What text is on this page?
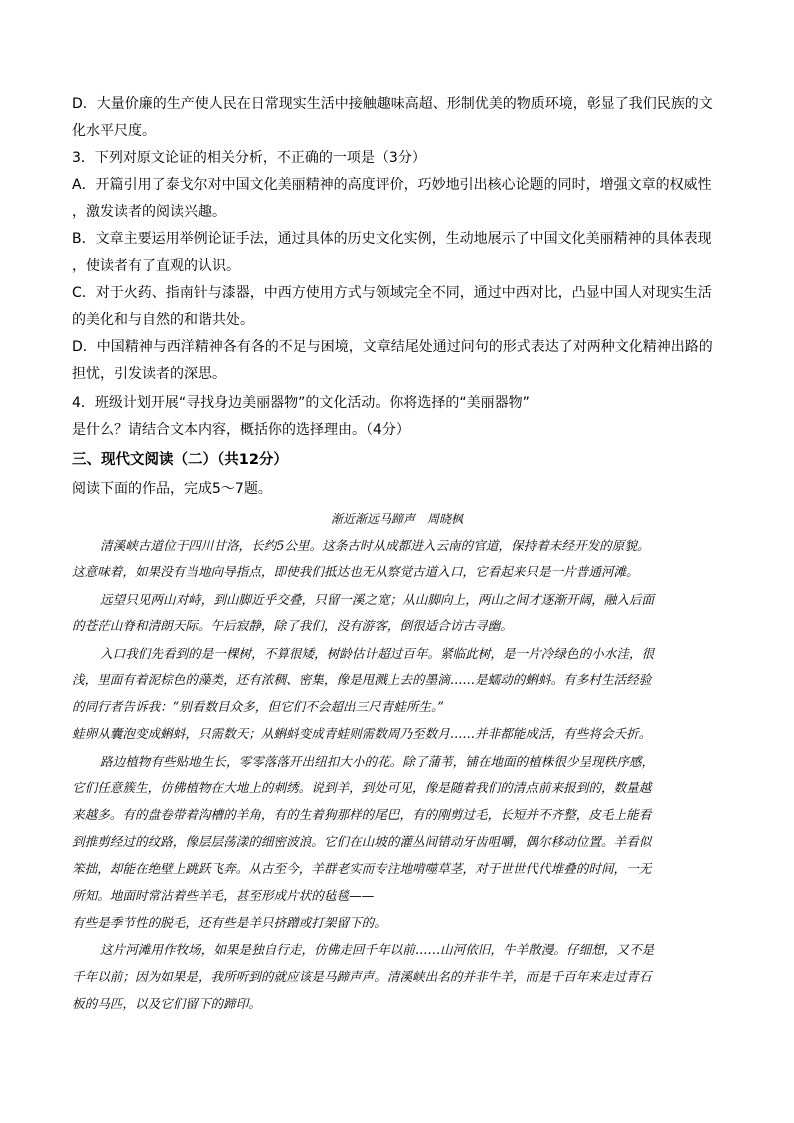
D．大量价廉的生产使人民在日常现实生活中接触趣味高超、形制优美的物质环境，彰显了我们民族的文
化水平尺度。
3．下列对原文论证的相关分析，不正确的一项是（3分）
A．开篇引用了泰戈尔对中国文化美丽精神的高度评价，巧妙地引出核心论题的同时，增强文章的权威性
，激发读者的阅读兴趣。
B．文章主要运用举例论证手法，通过具体的历史文化实例，生动地展示了中国文化美丽精神的具体表现
，使读者有了直观的认识。
C．对于火药、指南针与漆器，中西方使用方式与领域完全不同，通过中西对比，凸显中国人对现实生活
的美化和与自然的和谐共处。
D．中国精神与西洋精神各有各的不足与困境，文章结尾处通过问句的形式表达了对两种文化精神出路的
担忧，引发读者的深思。
4．班级计划开展“寻找身边美丽器物”的文化活动。你将选择的“美丽器物”
是什么？请结合文本内容，概括你的选择理由。（4分）
三、现代文阅读（二）（共12分）
阅读下面的作品，完成5～7题。
渐近渐远马蹄声　周晓枫
清溪峡古道位于四川甘洛，长约5公里。这条古时从成都进入云南的官道，保持着未经开发的原貌。
这意味着，如果没有当地向导指点，即使我们抵达也无从察觉古道入口，它看起来只是一片普通河滩。
远望只见两山对峙，到山脚近乎交叠，只留一溪之宽；从山脚向上，两山之间才逐渐开阔，融入后面
的苍茫山脊和清朗天际。午后寂静，除了我们，没有游客，倒很适合访古寻幽。
入口我们先看到的是一棵树，不算很矮，树龄估计超过百年。紧临此树，是一片冷绿色的小水洼，很
浅，里面有着泥棕色的藻类，还有浓稠、密集，像是甩溅上去的墨滴……是蠕动的蝌蚪。有多村生活经验
的同行者告诉我：“别看数目众多，但它们不会超出三尺青蛙所生。”
蛙卵从囊泡变成蝌蚪，只需数天；从蝌蚪变成青蛙则需数周乃至数月……并非都能成活，有些将会夭折。
路边植物有些贴地生长，零零落落开出纽扣大小的花。除了蒲苇，铺在地面的植株很少呈现秩序感，
它们任意簇生，仿佛植物在大地上的刺绣。说到羊，到处可见，像是随着我们的清点前来报到的，数量越
来越多。有的盘卷带着沟槽的羊角，有的生着狗那样的尾巴，有的刚剪过毛，长短并不齐整，皮毛上能看
到推剪经过的纹路，像层层荡漾的细密波浪。它们在山坡的灌丛间错动牙齿咀嚼，偶尔移动位置。羊看似
笨拙，却能在绝壁上跳跃飞奔。从古至今，羊群老实而专注地啃噬草茎，对于世世代代堆叠的时间，一无
所知。地面时常沾着些羊毛，甚至形成片状的毡毯——
有些是季节性的脱毛，还有些是羊只挤蹭或打架留下的。
这片河滩用作牧场，如果是独自行走，仿佛走回千年以前……山河依旧，牛羊散漫。仔细想，又不是
千年以前；因为如果是，我所听到的就应该是马蹄声声。清溪峡出名的并非牛羊，而是千百年来走过青石
板的马匹，以及它们留下的蹄印。
